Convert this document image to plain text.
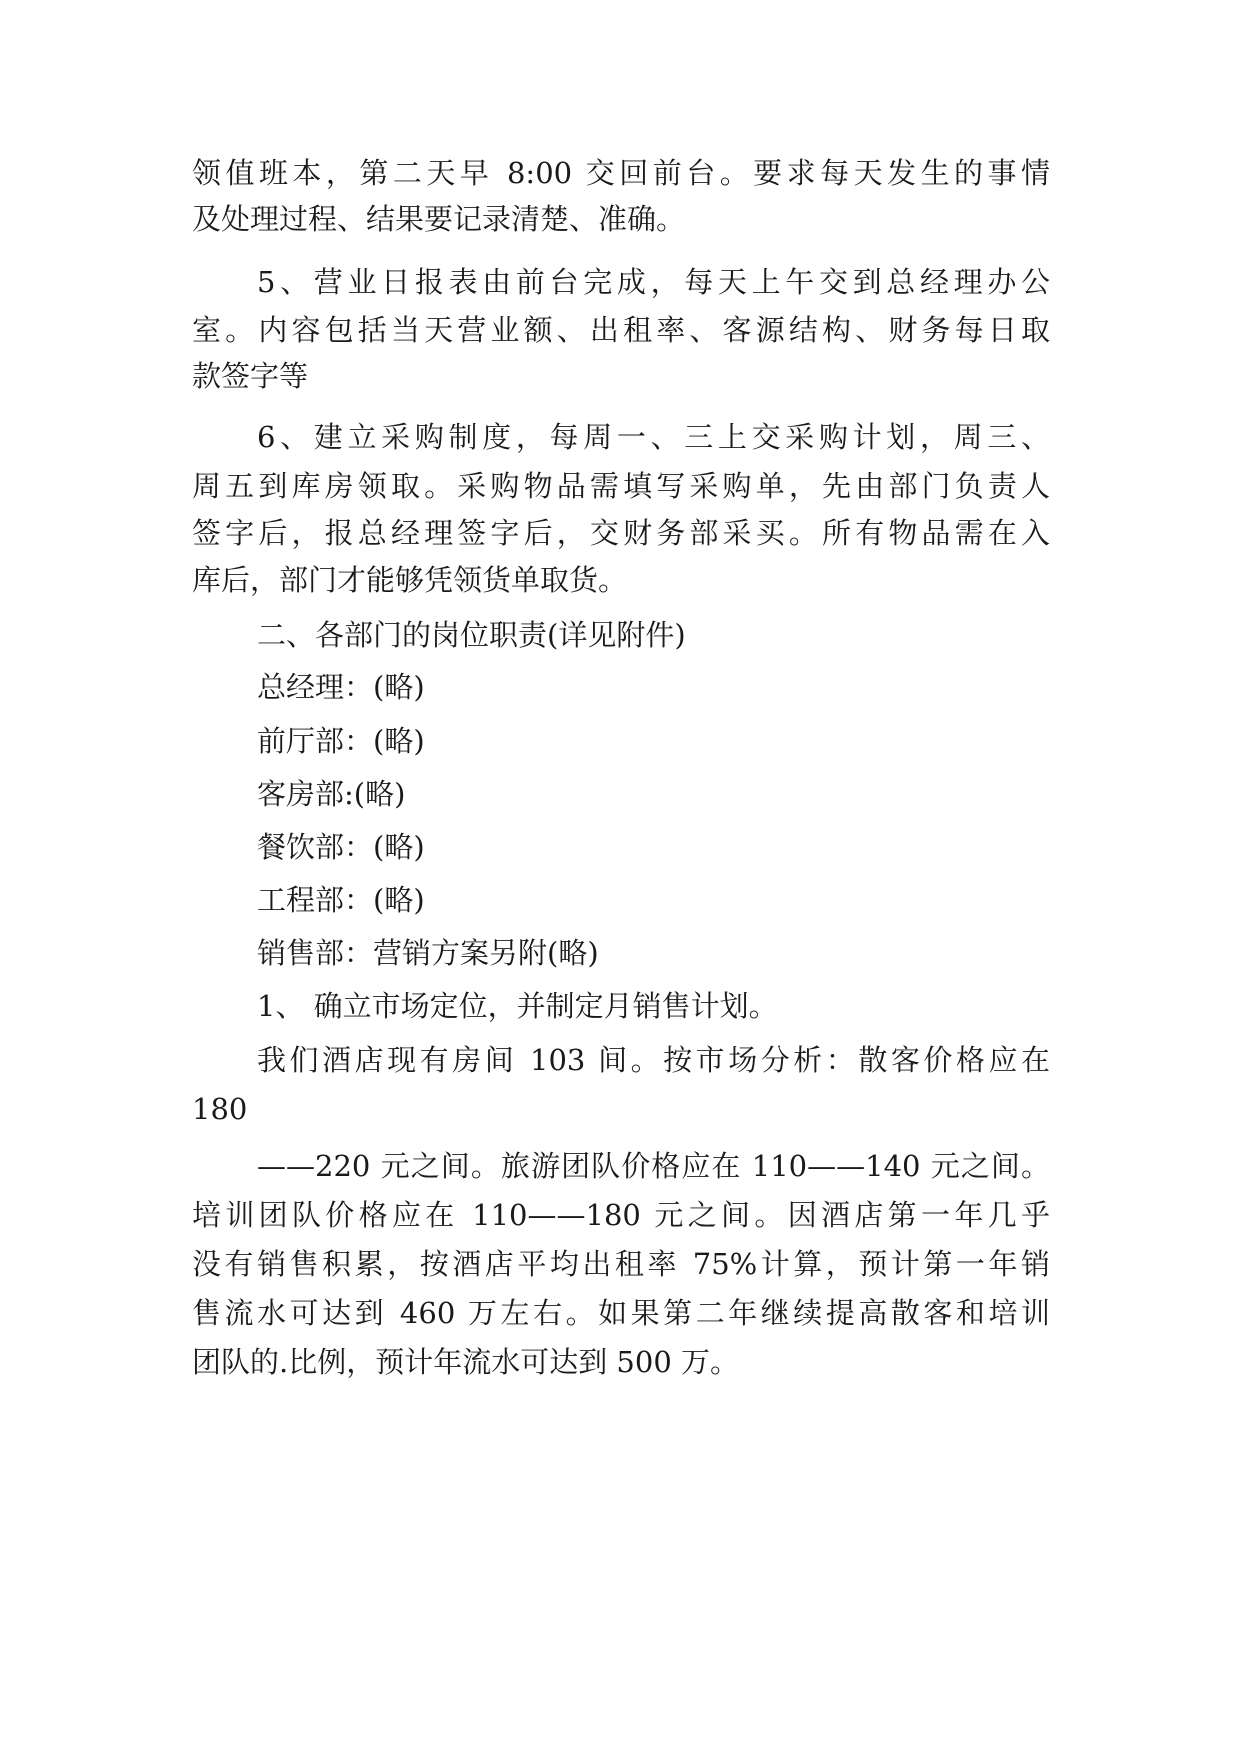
领值班本，第二天早 8:00 交回前台。要求每天发生的事情
及处理过程、结果要记录清楚、准确。
5、营业日报表由前台完成，每天上午交到总经理办公
室。内容包括当天营业额、出租率、客源结构、财务每日取
款签字等
6、建立采购制度，每周一、三上交采购计划，周三、
周五到库房领取。采购物品需填写采购单，先由部门负责人
签字后，报总经理签字后，交财务部采买。所有物品需在入
库后，部门才能够凭领货单取货。
二、各部门的岗位职责(详见附件)
总经理：(略)
前厅部：(略)
客房部:(略)
餐饮部：(略)
工程部：(略)
销售部：营销方案另附(略)
1、 确立市场定位，并制定月销售计划。
我们酒店现有房间 103 间。按市场分析：散客价格应在
180
——220 元之间。旅游团队价格应在 110——140 元之间。
培训团队价格应在 110——180 元之间。因酒店第一年几乎
没有销售积累，按酒店平均出租率 75%计算，预计第一年销
售流水可达到 460 万左右。如果第二年继续提高散客和培训
团队的.比例，预计年流水可达到 500 万。
